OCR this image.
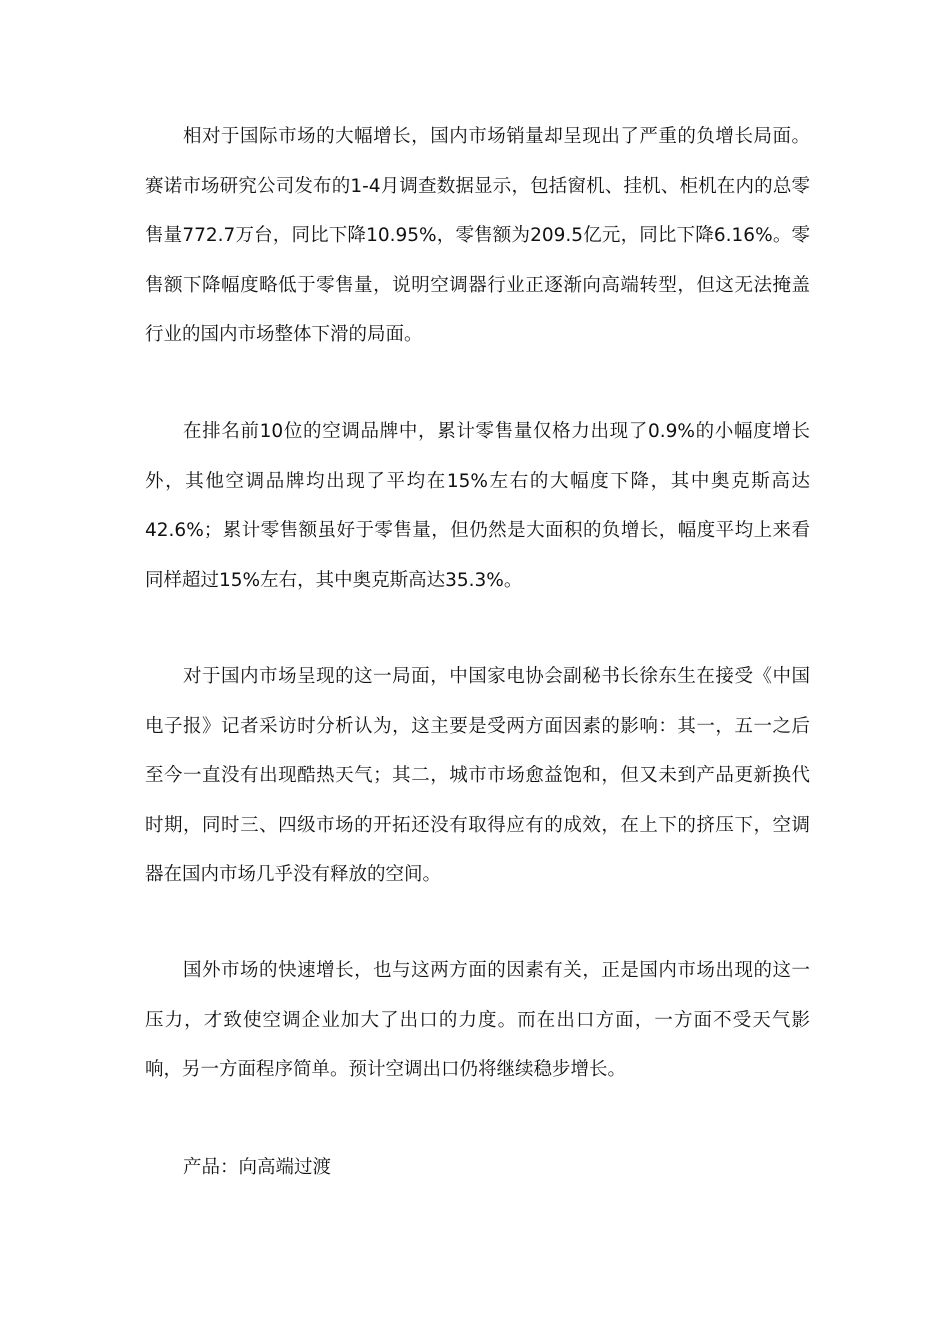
相对于国际市场的大幅增长，国内市场销量却呈现出了严重的负增长局面。赛诺市场研究公司发布的1-4月调查数据显示，包括窗机、挂机、柜机在内的总零售量772.7万台，同比下降10.95%，零售额为209.5亿元，同比下降6.16%。零售额下降幅度略低于零售量，说明空调器行业正逐渐向高端转型，但这无法掩盖行业的国内市场整体下滑的局面。

在排名前10位的空调品牌中，累计零售量仅格力出现了0.9%的小幅度增长外，其他空调品牌均出现了平均在15%左右的大幅度下降，其中奥克斯高达42.6%；累计零售额虽好于零售量，但仍然是大面积的负增长，幅度平均上来看同样超过15%左右，其中奥克斯高达35.3%。

对于国内市场呈现的这一局面，中国家电协会副秘书长徐东生在接受《中国电子报》记者采访时分析认为，这主要是受两方面因素的影响：其一，五一之后至今一直没有出现酷热天气；其二，城市市场愈益饱和，但又未到产品更新换代时期，同时三、四级市场的开拓还没有取得应有的成效，在上下的挤压下，空调器在国内市场几乎没有释放的空间。

国外市场的快速增长，也与这两方面的因素有关，正是国内市场出现的这一压力，才致使空调企业加大了出口的力度。而在出口方面，一方面不受天气影响，另一方面程序简单。预计空调出口仍将继续稳步增长。

产品：向高端过渡
